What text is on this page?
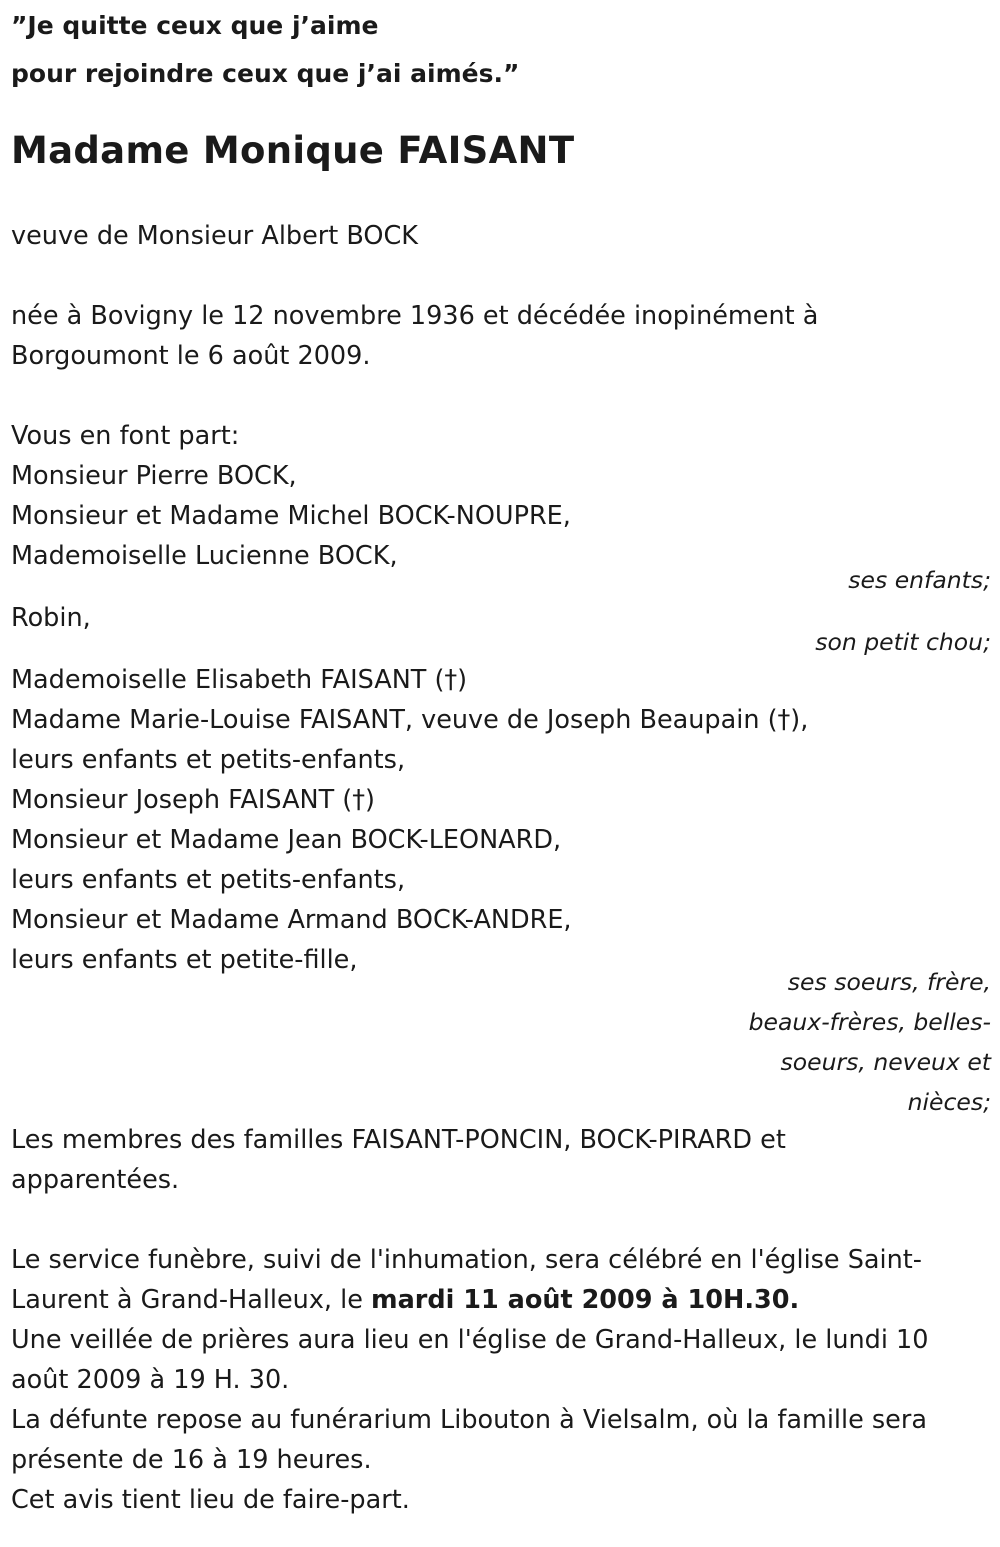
”Je quitte ceux que j’aime
pour rejoindre ceux que j’ai aimés.”
Madame Monique FAISANT
veuve de Monsieur Albert BOCK
née à Bovigny le 12 novembre 1936 et décédée inopinément à
Borgoumont le 6 août 2009.
Vous en font part:
Monsieur Pierre BOCK,
Monsieur et Madame Michel BOCK-NOUPRE,
Mademoiselle Lucienne BOCK,
ses enfants;
Robin,
son petit chou;
Mademoiselle Elisabeth FAISANT (†)
Madame Marie-Louise FAISANT, veuve de Joseph Beaupain (†),
leurs enfants et petits-enfants,
Monsieur Joseph FAISANT (†)
Monsieur et Madame Jean BOCK-LEONARD,
leurs enfants et petits-enfants,
Monsieur et Madame Armand BOCK-ANDRE,
leurs enfants et petite-fille,
ses soeurs, frère,
beaux-frères, belles-
soeurs, neveux et
nièces;
Les membres des familles FAISANT-PONCIN, BOCK-PIRARD et
apparentées.
Le service funèbre, suivi de l'inhumation, sera célébré en l'église Saint-
Laurent à Grand-Halleux, le mardi 11 août 2009 à 10H.30.
Une veillée de prières aura lieu en l'église de Grand-Halleux, le lundi 10
août 2009 à 19 H. 30.
La défunte repose au funérarium Libouton à Vielsalm, où la famille sera
présente de 16 à 19 heures.
Cet avis tient lieu de faire-part.
